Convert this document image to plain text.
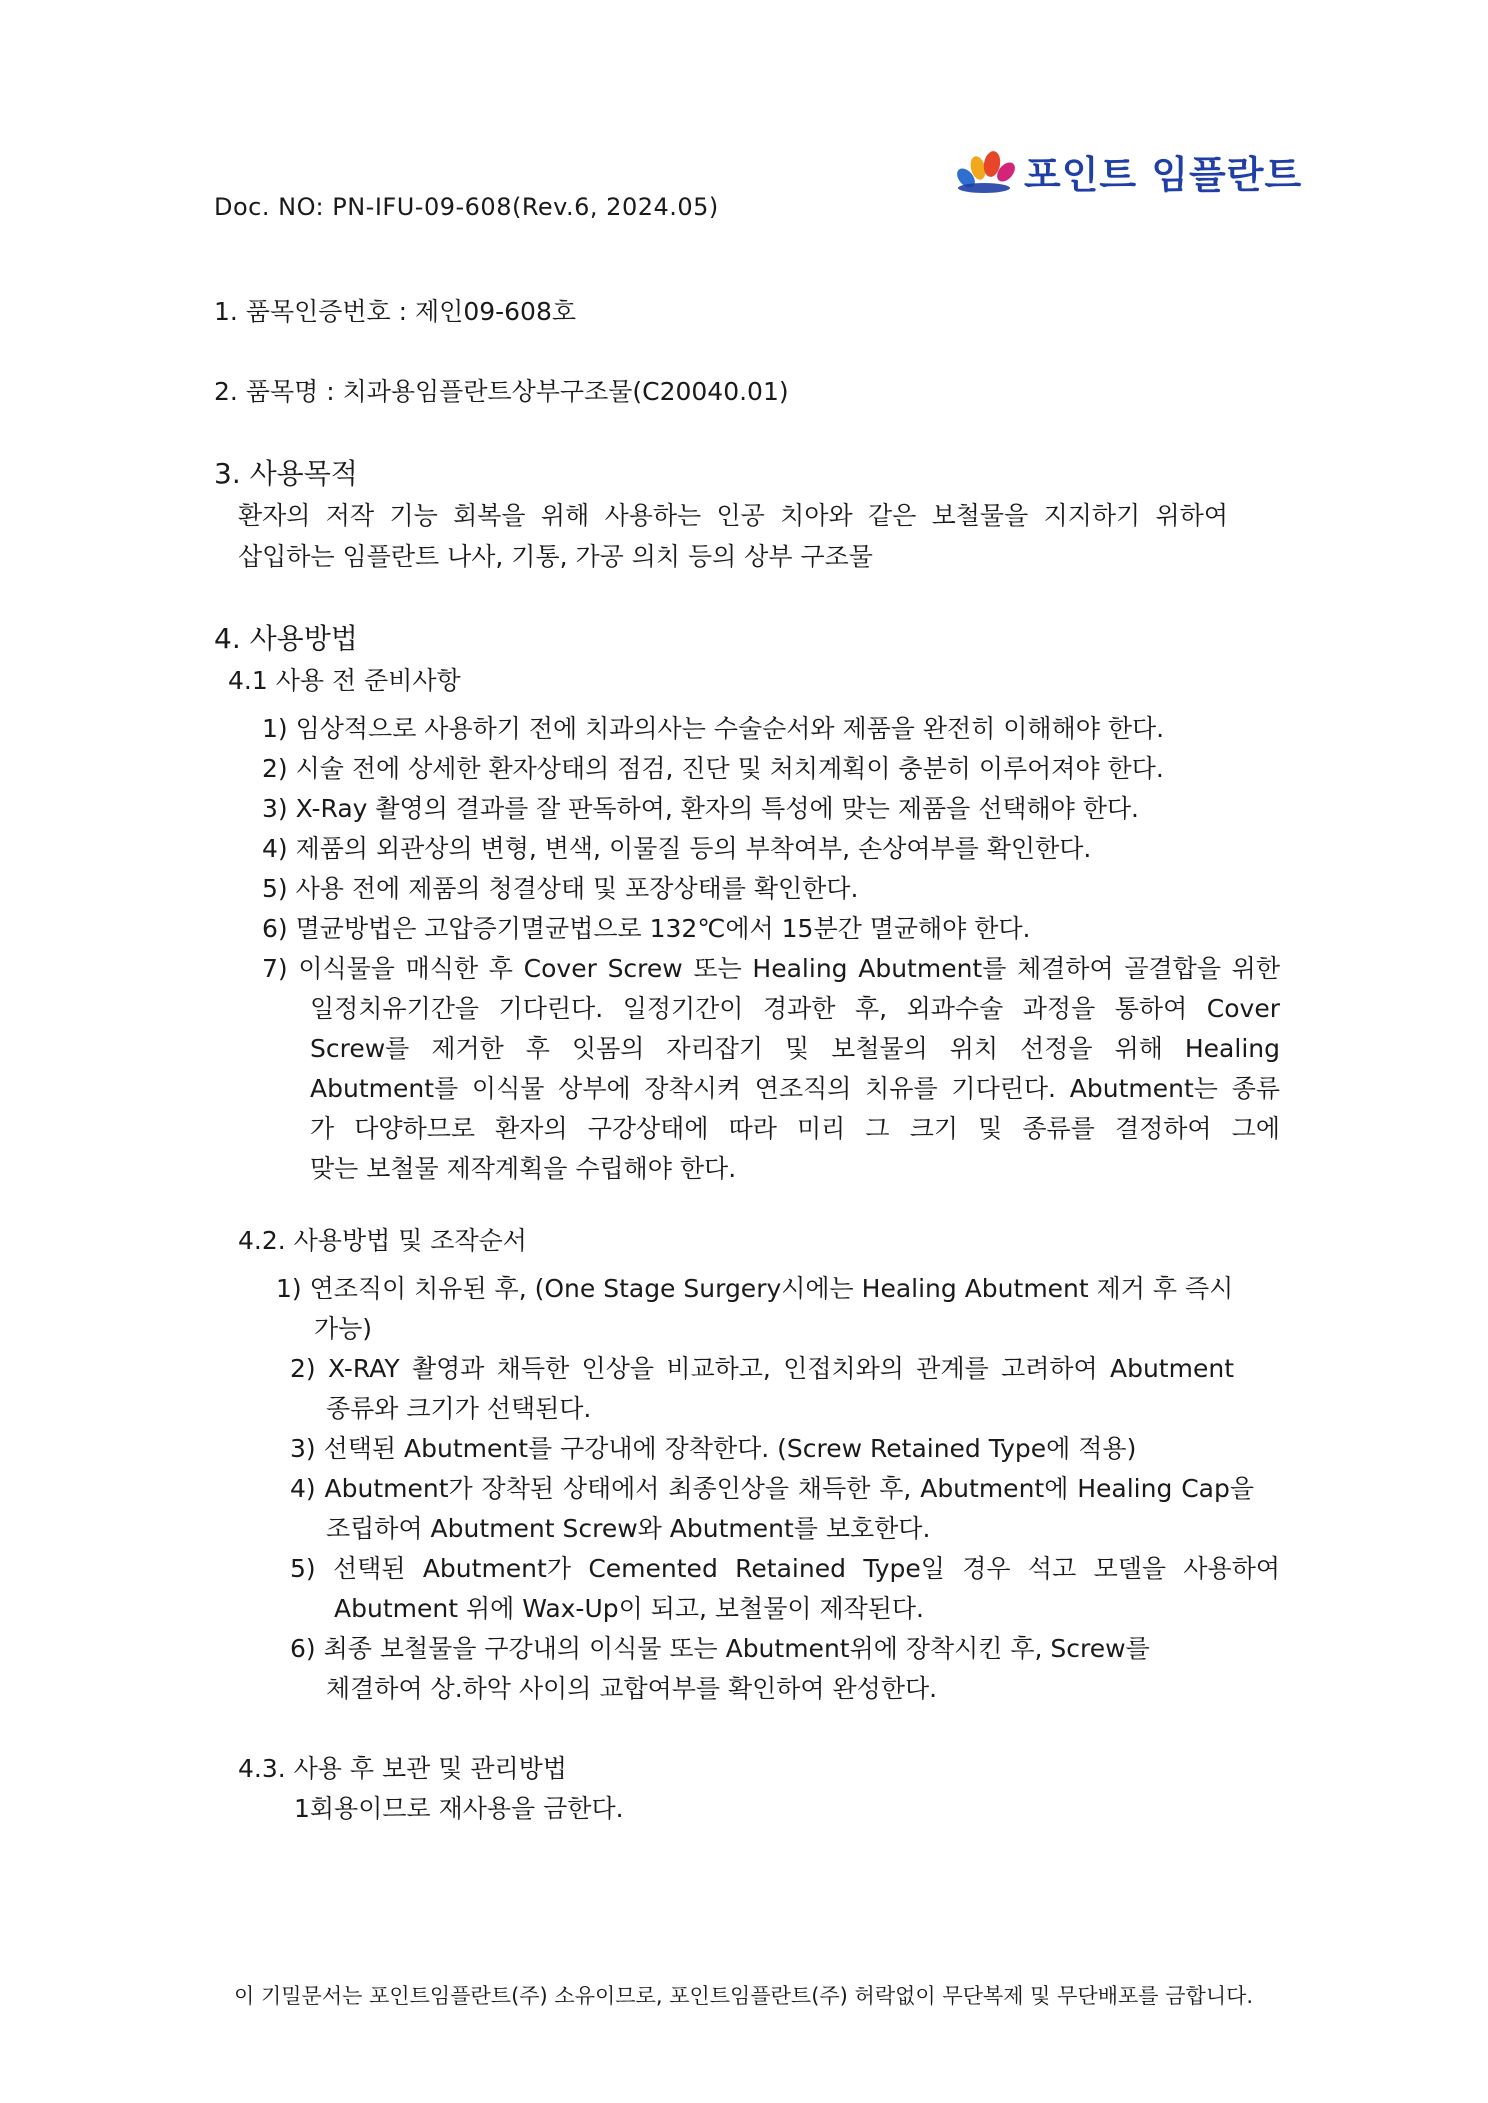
포인트 임플란트
Doc. NO: PN-IFU-09-608(Rev.6, 2024.05)
1. 품목인증번호 : 제인09-608호
2. 품목명 : 치과용임플란트상부구조물(C20040.01)
3. 사용목적
환자의 저작 기능 회복을 위해 사용하는 인공 치아와 같은 보철물을 지지하기 위하여
삽입하는 임플란트 나사, 기통, 가공 의치 등의 상부 구조물
4. 사용방법
4.1 사용 전 준비사항
1) 임상적으로 사용하기 전에 치과의사는 수술순서와 제품을 완전히 이해해야 한다.
2) 시술 전에 상세한 환자상태의 점검, 진단 및 처치계획이 충분히 이루어져야 한다.
3) X-Ray 촬영의 결과를 잘 판독하여, 환자의 특성에 맞는 제품을 선택해야 한다.
4) 제품의 외관상의 변형, 변색, 이물질 등의 부착여부, 손상여부를 확인한다.
5) 사용 전에 제품의 청결상태 및 포장상태를 확인한다.
6) 멸균방법은 고압증기멸균법으로 132℃에서 15분간 멸균해야 한다.
7) 이식물을 매식한 후 Cover Screw 또는 Healing Abutment를 체결하여 골결합을 위한
일정치유기간을 기다린다. 일정기간이 경과한 후, 외과수술 과정을 통하여 Cover
Screw를 제거한 후 잇몸의 자리잡기 및 보철물의 위치 선정을 위해 Healing
Abutment를 이식물 상부에 장착시켜 연조직의 치유를 기다린다. Abutment는 종류
가 다양하므로 환자의 구강상태에 따라 미리 그 크기 및 종류를 결정하여 그에
맞는 보철물 제작계획을 수립해야 한다.
4.2. 사용방법 및 조작순서
1) 연조직이 치유된 후, (One Stage Surgery시에는 Healing Abutment 제거 후 즉시
가능)
2) X-RAY 촬영과 채득한 인상을 비교하고, 인접치와의 관계를 고려하여 Abutment
종류와 크기가 선택된다.
3) 선택된 Abutment를 구강내에 장착한다. (Screw Retained Type에 적용)
4) Abutment가 장착된 상태에서 최종인상을 채득한 후, Abutment에 Healing Cap을
조립하여 Abutment Screw와 Abutment를 보호한다.
5) 선택된 Abutment가 Cemented Retained Type일 경우 석고 모델을 사용하여
Abutment 위에 Wax-Up이 되고, 보철물이 제작된다.
6) 최종 보철물을 구강내의 이식물 또는 Abutment위에 장착시킨 후, Screw를
체결하여 상.하악 사이의 교합여부를 확인하여 완성한다.
4.3. 사용 후 보관 및 관리방법
1회용이므로 재사용을 금한다.
이 기밀문서는 포인트임플란트(주) 소유이므로, 포인트임플란트(주) 허락없이 무단복제 및 무단배포를 금합니다.
